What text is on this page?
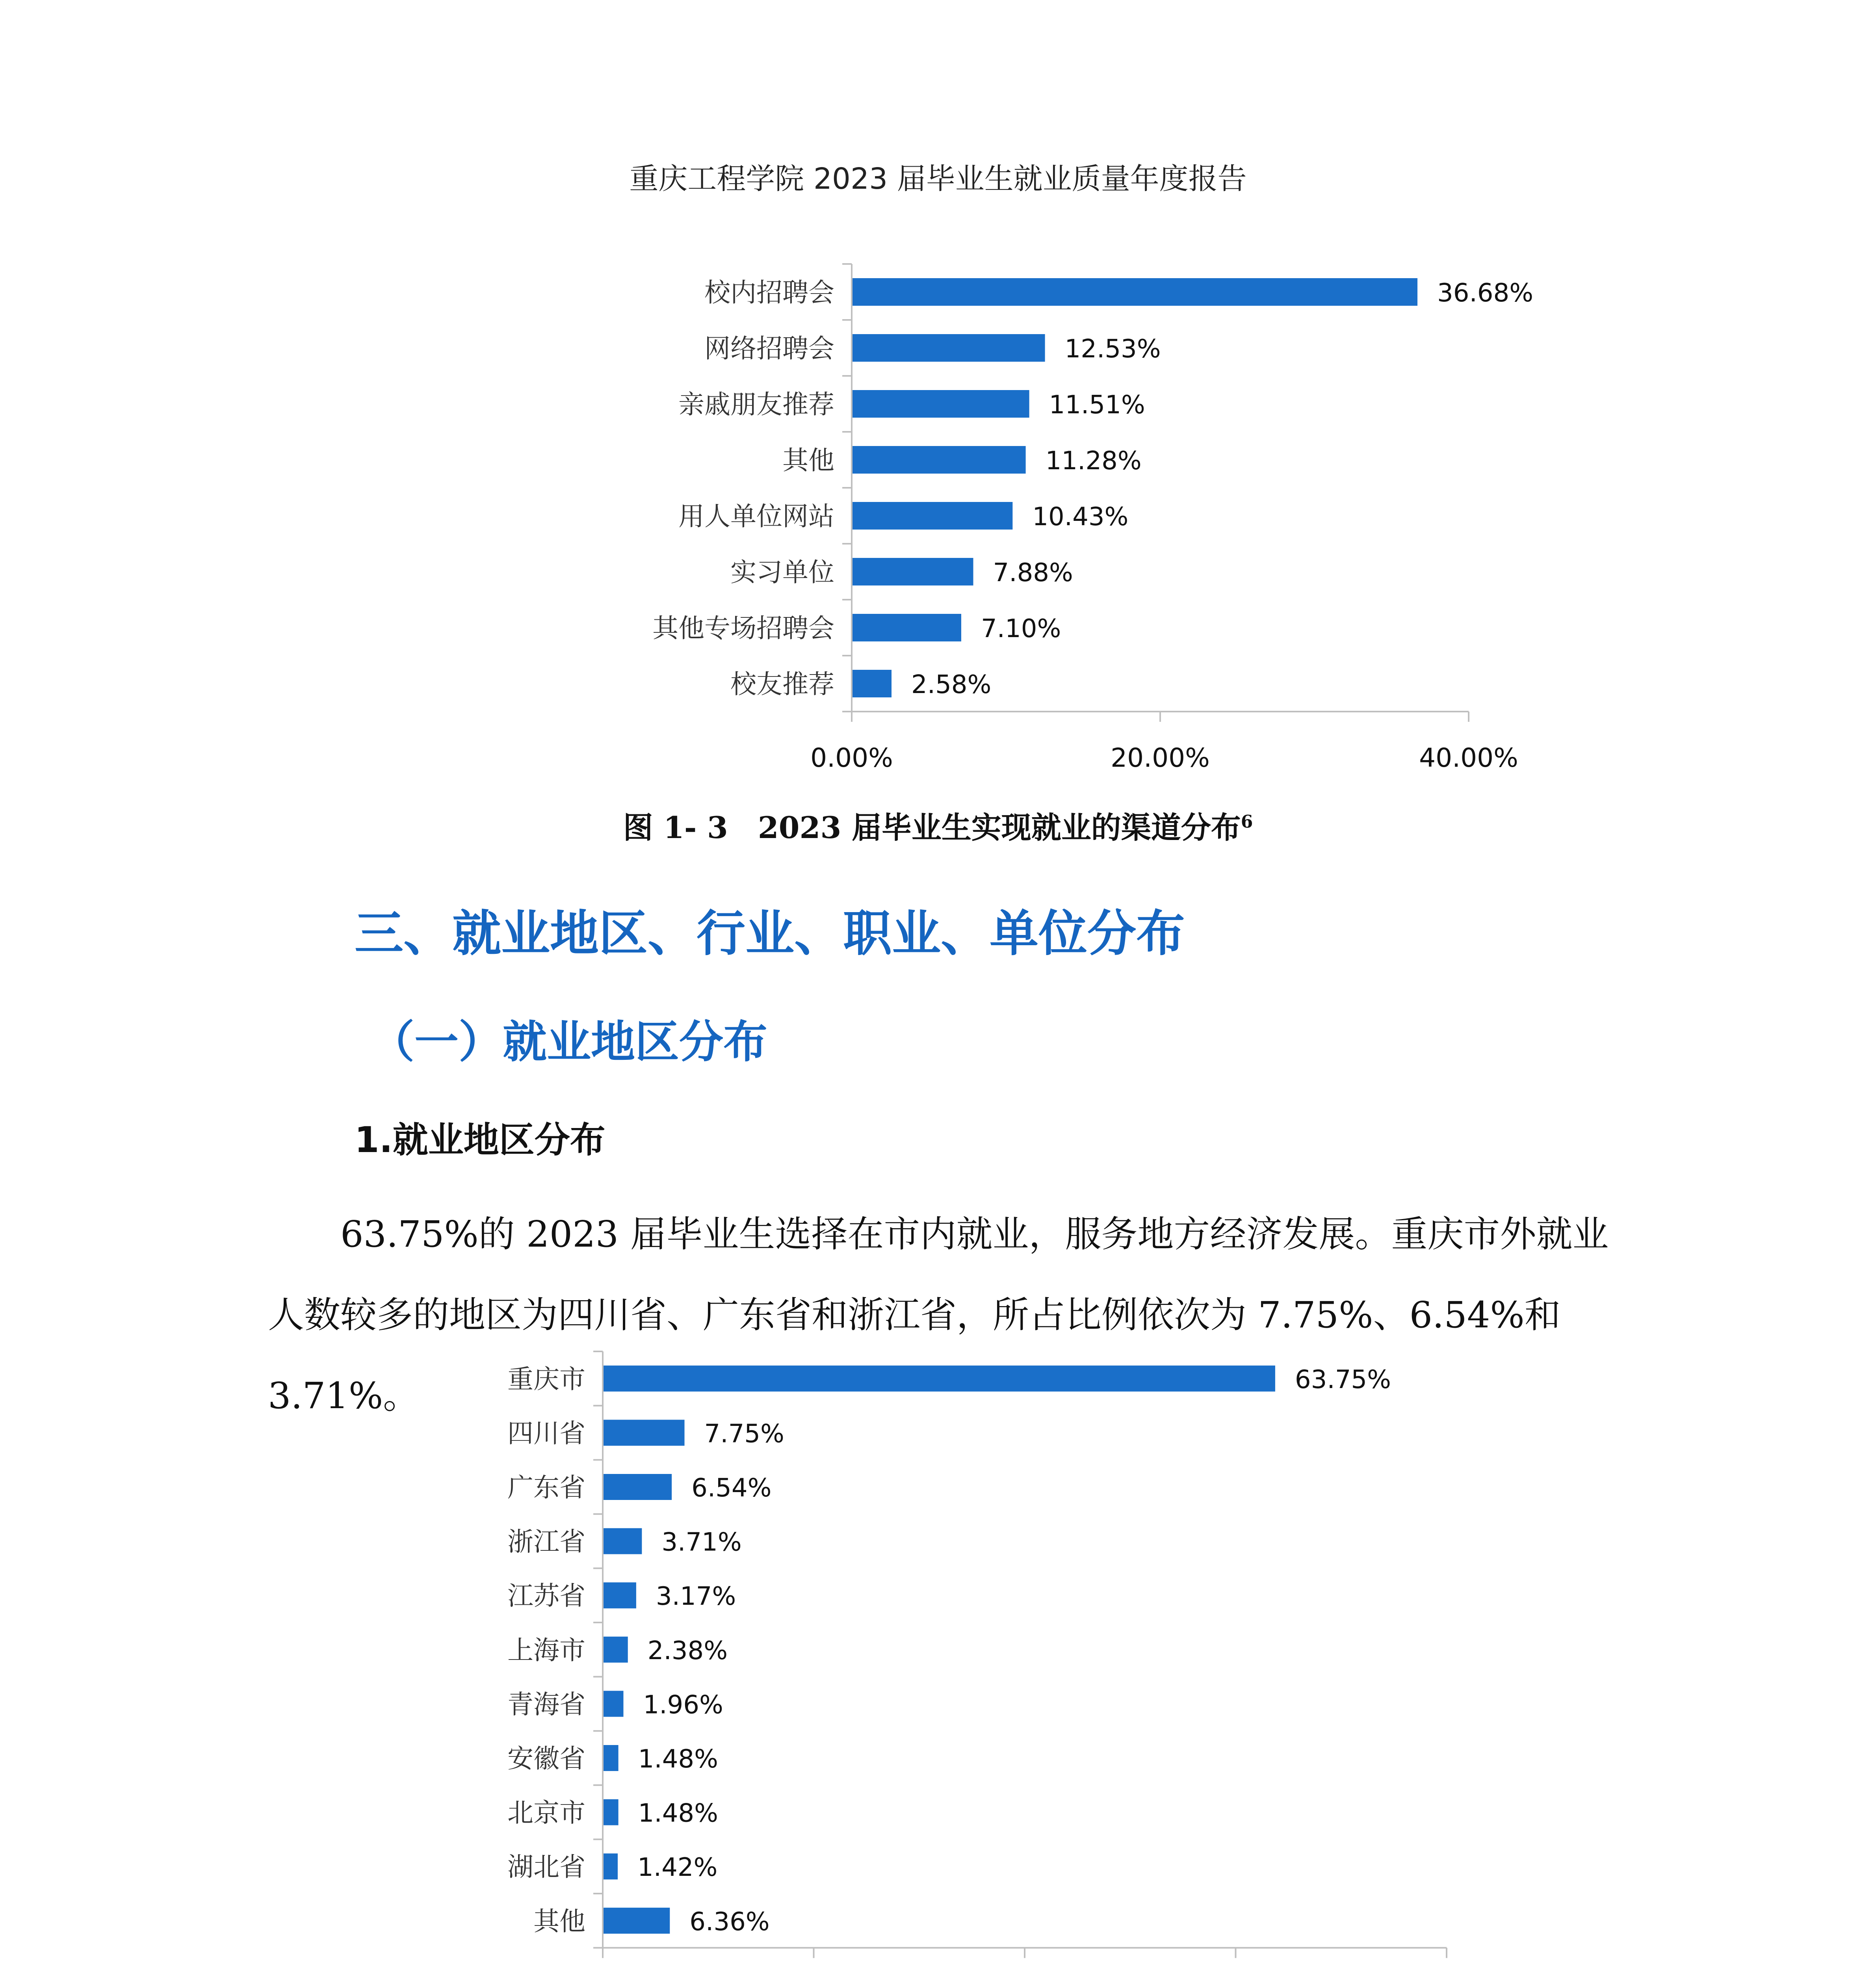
重庆工程学院 2023 届毕业生就业质量年度报告
0.00%	20.00%	40.00%
校内招聘会	36.68%
网络招聘会	12.53%
亲戚朋友推荐	11.51%
其他	11.28%
用人单位网站	10.43%
实习单位	7.88%
其他专场招聘会	7.10%
校友推荐	2.58%
图 1- 3　2023 届毕业生实现就业的渠道分布$^6$
三、就业地区、行业、职业、单位分布
（一）就业地区分布
1.就业地区分布
63.75%的 2023 届毕业生选择在市内就业，服务地方经济发展。重庆市外就业
人数较多的地区为四川省、广东省和浙江省，所占比例依次为 7.75%、6.54%和 3.71%。	重庆市	63.75%
四川省	7.75%
广东省	6.54%
浙江省	3.71%
江苏省	3.17%
上海市 2.38%
青海省 1.96%
安徽省 1.48%
北京市 1.48%
湖北省 1.42%
其他	6.36%
